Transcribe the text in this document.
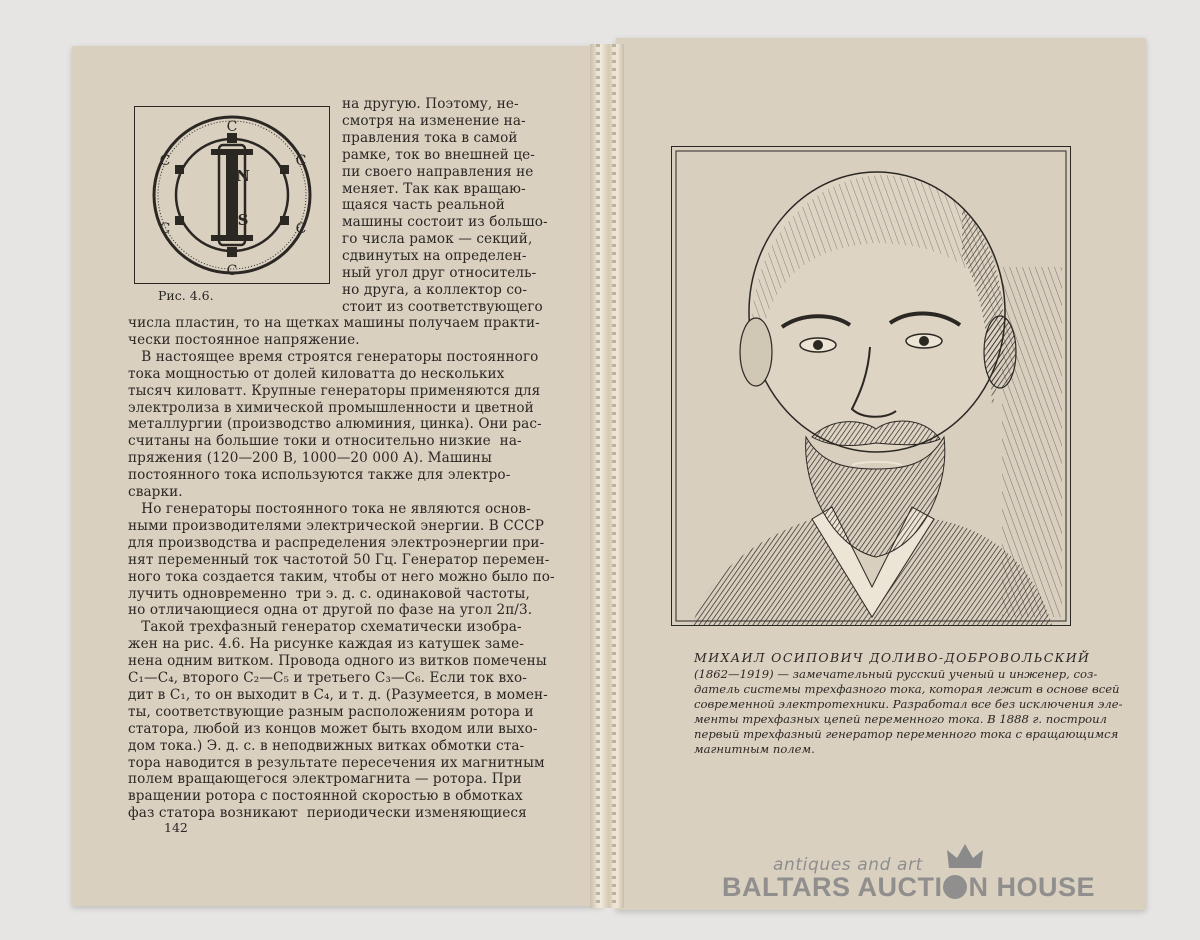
С
С
С	С
С	С
N
S
Рис. 4.6.
на другую. Поэтому, не-
смотря на изменение на-
правления тока в самой
рамке, ток во внешней це-
пи своего направления не
меняет. Так как вращаю-
щаяся часть реальной
машины состоит из большо-
го числа рамок — секций,
сдвинутых на определен-
ный угол друг относитель-
но друга, а коллектор со-
стоит из соответствующего
числа пластин, то на щетках машины получаем практи-
чески постоянное напряжение.
В настоящее время строятся генераторы постоянного
тока мощностью от долей киловатта до нескольких
тысяч киловатт. Крупные генераторы применяются для
электролиза в химической промышленности и цветной
металлургии (производство алюминия, цинка). Они рас-
считаны на большие токи и относительно низкие  на-
пряжения (120—200 В, 1000—20 000 А). Машины
постоянного тока используются также для электро-
сварки.
Но генераторы постоянного тока не являются основ-
ными производителями электрической энергии. В СССР
для производства и распределения электроэнергии при-
нят переменный ток частотой 50 Гц. Генератор перемен-
ного тока создается таким, чтобы от него можно было по-
лучить одновременно  три э. д. с. одинаковой частоты,
но отличающиеся одна от другой по фазе на угол 2π/3.
Такой трехфазный генератор схематически изобра-
жен на рис. 4.6. На рисунке каждая из катушек заме-
нена одним витком. Провода одного из витков помечены
С₁—С₄, второго С₂—С₅ и третьего С₃—С₆. Если ток вхо-
дит в С₁, то он выходит в С₄, и т. д. (Разумеется, в момен-
ты, соответствующие разным расположениям ротора и
статора, любой из концов может быть входом или выхо-
дом тока.) Э. д. с. в неподвижных витках обмотки ста-
тора наводится в результате пересечения их магнитным
полем вращающегося электромагнита — ротора. При
вращении ротора с постоянной скоростью в обмотках
фаз статора возникают  периодически изменяющиеся
142
МИХАИЛ ОСИПОВИЧ ДОЛИВО-ДОБРОВОЛЬСКИЙ
(1862—1919) — замечательный русский ученый и инженер, соз-
датель системы трехфазного тока, которая лежит в основе всей
современной электротехники. Разработал все без исключения эле-
менты трехфазных цепей переменного тока. В 1888 г. построил
первый трехфазный генератор переменного тока с вращающимся
магнитным полем.
antiques and art
BALTARS AUCTI N HOUSE
